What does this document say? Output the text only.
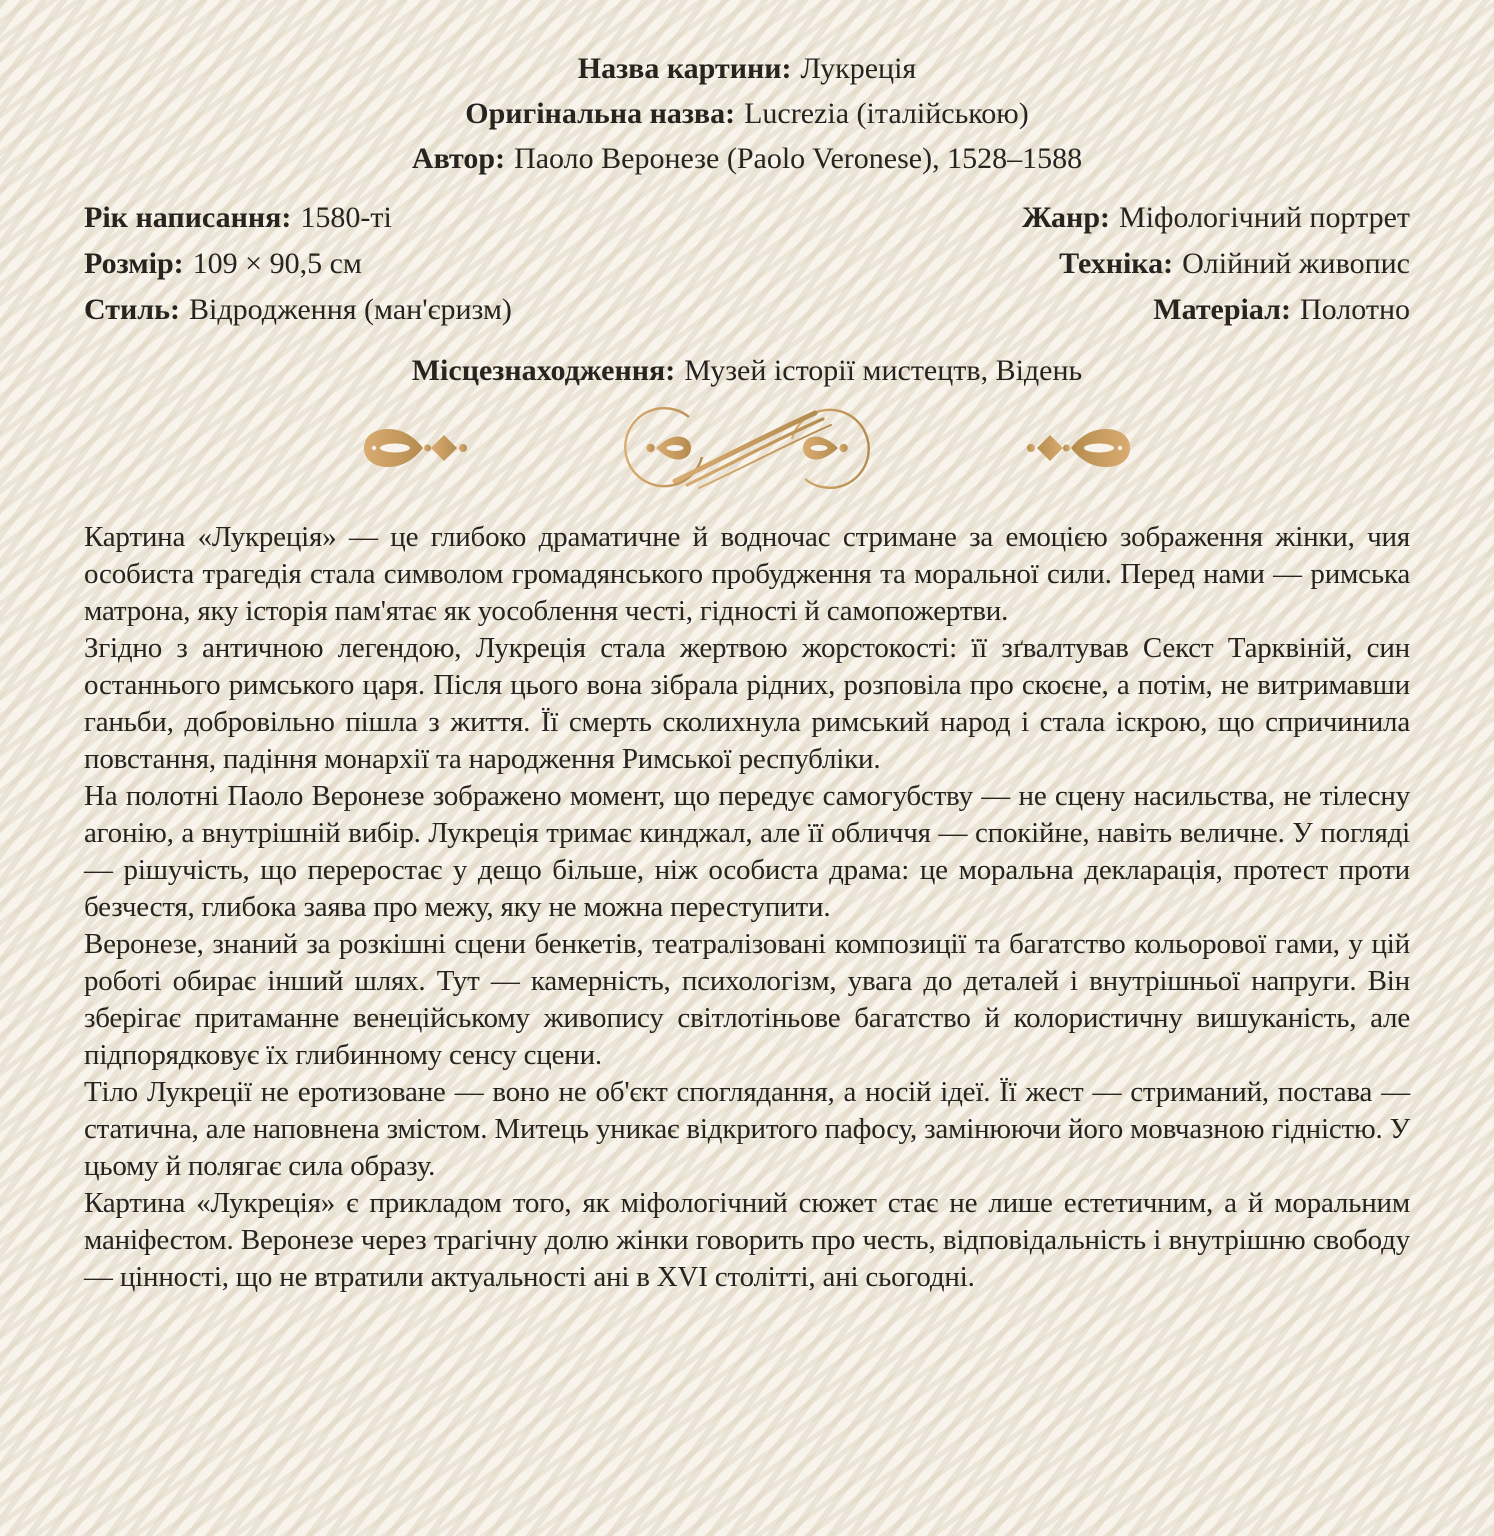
Назва картини: Лукреція
Оригінальна назва: Lucrezia (італійською)
Автор: Паоло Веронезе (Paolo Veronese), 1528–1588
Рік написання: 1580-ті
Розмір: 109 × 90,5 см
Стиль: Відродження (ман'єризм)
Жанр: Міфологічний портрет
Техніка: Олійний живопис
Матеріал: Полотно
Місцезнаходження: Музей історії мистецтв, Відень

Картина «Лукреція» — це глибоко драматичне й водночас стримане за емоцією зображення жінки, чия особиста трагедія стала символом громадянського пробудження та моральної сили. Перед нами — римська матрона, яку історія пам'ятає як уособлення честі, гідності й самопожертви.

Згідно з античною легендою, Лукреція стала жертвою жорстокості: її зґвалтував Секст Тарквіній, син останнього римського царя. Після цього вона зібрала рідних, розповіла про скоєне, а потім, не витримавши ганьби, добровільно пішла з життя. Її смерть сколихнула римський народ і стала іскрою, що спричинила повстання, падіння монархії та народження Римської республіки.

На полотні Паоло Веронезе зображено момент, що передує самогубству — не сцену насильства, не тілесну агонію, а внутрішній вибір. Лукреція тримає кинджал, але її обличчя — спокійне, навіть величне. У погляді — рішучість, що переростає у дещо більше, ніж особиста драма: це моральна декларація, протест проти безчестя, глибока заява про межу, яку не можна переступити.

Веронезе, знаний за розкішні сцени бенкетів, театралізовані композиції та багатство кольорової гами, у цій роботі обирає інший шлях. Тут — камерність, психологізм, увага до деталей і внутрішньої напруги. Він зберігає притаманне венеційському живопису світлотіньове багатство й колористичну вишуканість, але підпорядковує їх глибинному сенсу сцени.

Тіло Лукреції не еротизоване — воно не об'єкт споглядання, а носій ідеї. Її жест — стриманий, постава — статична, але наповнена змістом. Митець уникає відкритого пафосу, замінюючи його мовчазною гідністю. У цьому й полягає сила образу.

Картина «Лукреція» є прикладом того, як міфологічний сюжет стає не лише естетичним, а й моральним маніфестом. Веронезе через трагічну долю жінки говорить про честь, відповідальність і внутрішню свободу — цінності, що не втратили актуальності ані в XVI столітті, ані сьогодні.
